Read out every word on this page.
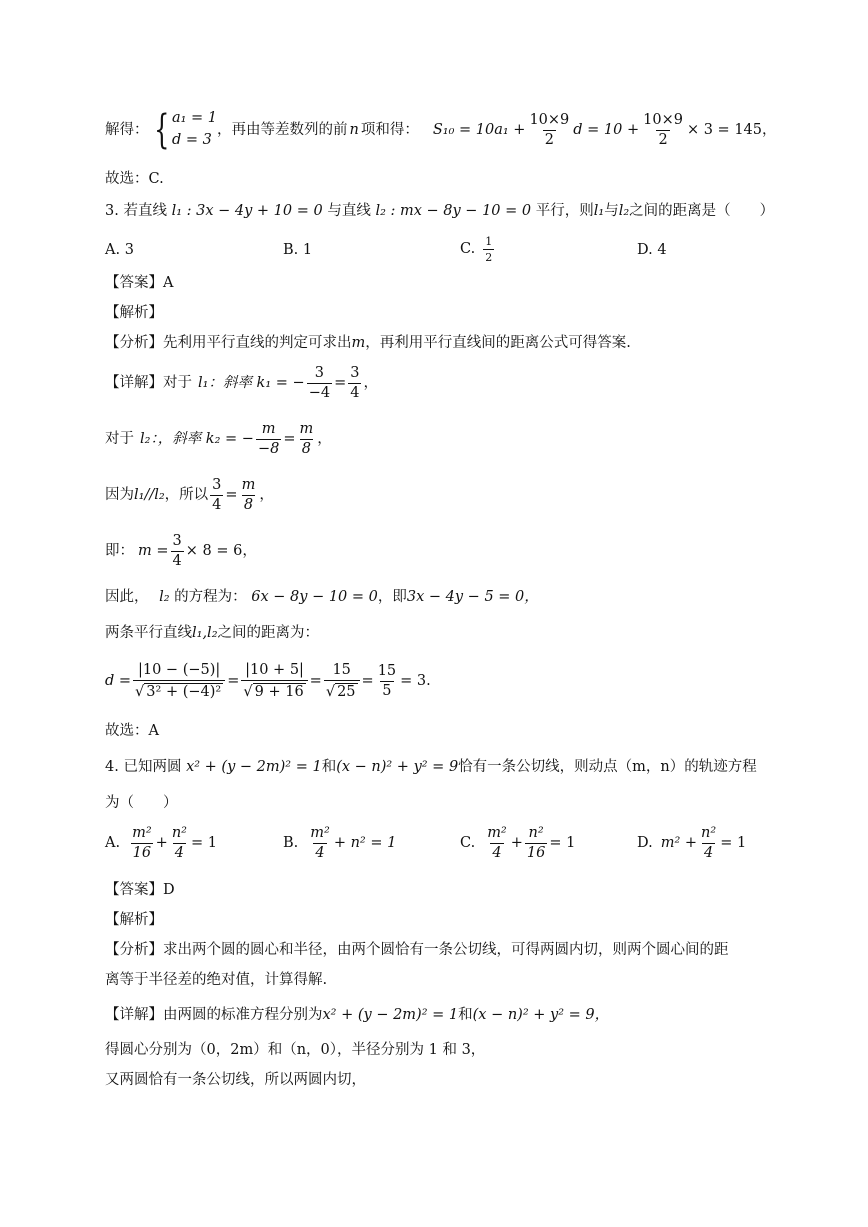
解得： { a₁ = 1
d = 3
，再由等差数列的前 n 项和得： $S_{10} = 10a_1 + \frac{10\times 9}{2}$ $d = 10 + \frac{10\times 9}{2} \times 3 = 145$，
故选：C.
3. 若直线 l₁ : 3x − 4y + 10 = 0 与直线 l₂ : mx − 8y − 10 = 0 平行，则l₁与l₂之间的距离是（　　）
A. 3	B. 1	C. $\frac{1}{2}$	D. 4
【答案】A
【解析】
【分析】先利用平行直线的判定可求出m，再利用平行直线间的距离公式可得答案.
【详解】对于 l₁ ：斜率 k₁ = − $\frac{3}{-4} = \frac{3}{4}$ ，
对于 l₂ ：，斜率 k₂ = − $\frac{m}{-8} = \frac{m}{8}$ ，
因为 l₁//l₂ ，所以 $\frac{3}{4} = \frac{m}{8}$ ，
即： $m = \frac{3}{4} \times 8 = 6$，
因此， l₂ 的方程为： 6x − 8y − 10 = 0，即3x − 4y − 5 = 0，
两条平行直线l₁,l₂之间的距离为：
$d = \frac{|10 - (-5)|}{\text{√ 3² + (−4)²}} = \frac{|10 + 5|}{√ 9 + 16} = \frac{15}{√ 25} = \frac{15}{5} = 3$.
故选：A
4. 已知两圆 x² + (y − 2m)² = 1和(x − n)² + y² = 9恰有一条公切线，则动点（m，n）的轨迹方程
为（　　）
A. $\frac{\text{m²}}{16} + \frac{\text{n²}}{4} = 1$	B. $\frac{\text{m²}}{4} + n^2 = 1$	C. $\frac{\text{m²}}{4} + \frac{\text{n²}}{16} = 1$	D. $m^2 + \frac{\text{n²}}{4} = 1$
【答案】D
【解析】
【分析】求出两个圆的圆心和半径，由两个圆恰有一条公切线，可得两圆内切，则两个圆心间的距
离等于半径差的绝对值，计算得解.
【详解】由两圆的标准方程分别为x² + (y − 2m)² = 1和(x − n)² + y² = 9，
得圆心分别为（0，2m）和（n，0），半径分别为 1 和 3，
又两圆恰有一条公切线，所以两圆内切，
